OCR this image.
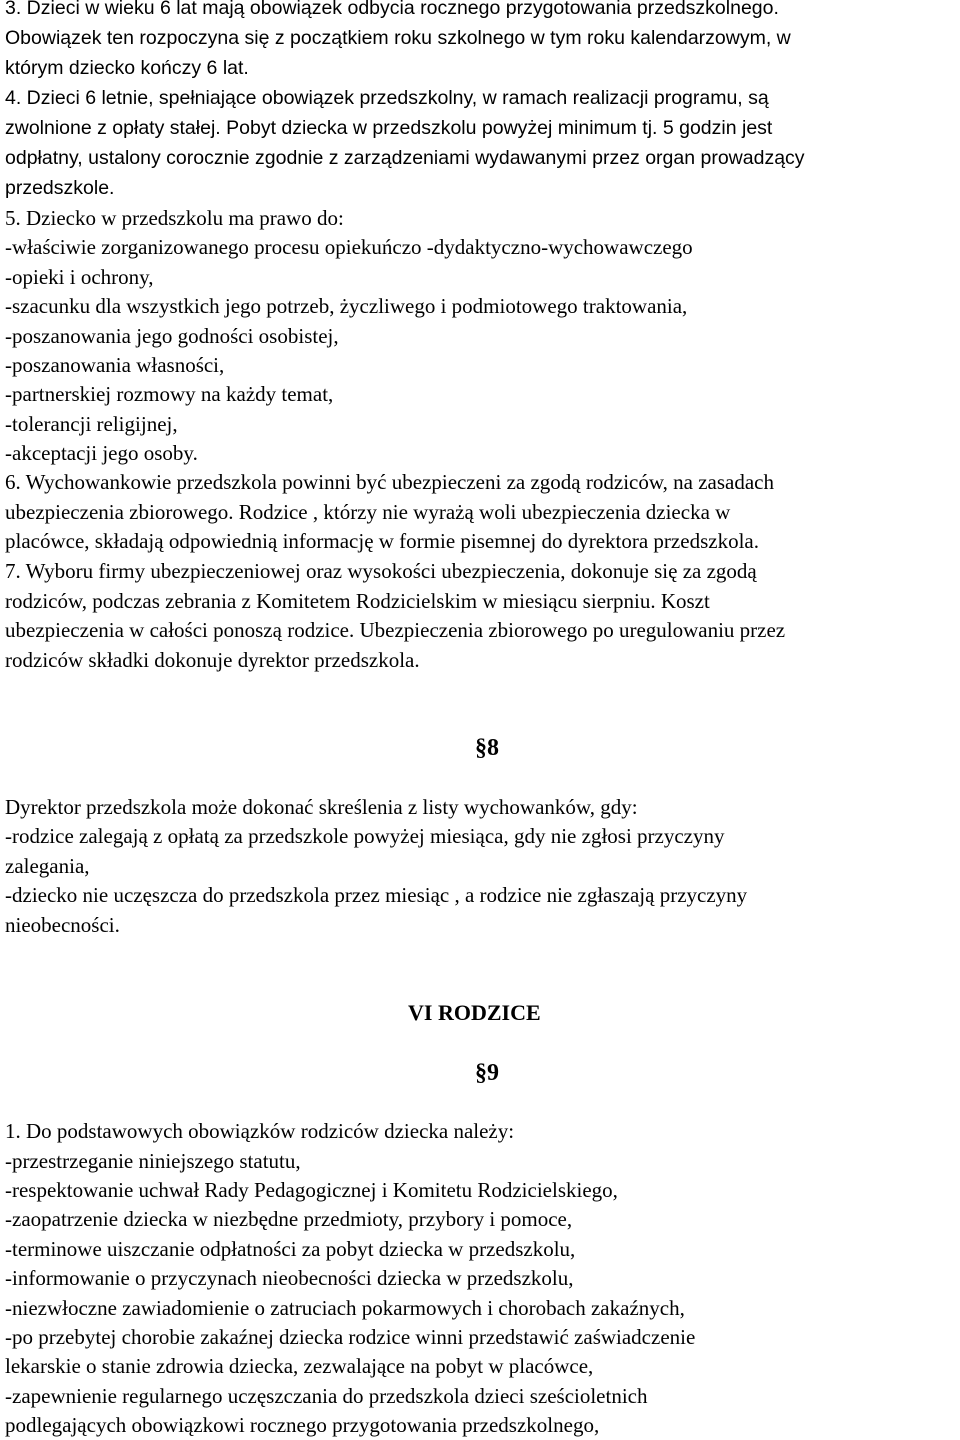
3. Dzieci w wieku 6 lat mają obowiązek odbycia rocznego przygotowania przedszkolnego.
Obowiązek ten rozpoczyna się z początkiem roku szkolnego w tym roku kalendarzowym, w
którym dziecko kończy 6 lat.
4. Dzieci 6 letnie, spełniające obowiązek przedszkolny, w ramach realizacji programu, są
zwolnione z opłaty stałej. Pobyt dziecka w przedszkolu powyżej minimum tj. 5 godzin jest
odpłatny, ustalony corocznie zgodnie z zarządzeniami wydawanymi przez organ prowadzący
przedszkole.
5. Dziecko w przedszkolu ma prawo do:
-właściwie zorganizowanego procesu opiekuńczo -dydaktyczno-wychowawczego
-opieki i ochrony,
-szacunku dla wszystkich jego potrzeb, życzliwego i podmiotowego traktowania,
-poszanowania jego godności osobistej,
-poszanowania własności,
-partnerskiej rozmowy na każdy temat,
-tolerancji religijnej,
-akceptacji jego osoby.
6. Wychowankowie przedszkola powinni być ubezpieczeni za zgodą rodziców, na zasadach
ubezpieczenia zbiorowego. Rodzice , którzy nie wyrażą woli ubezpieczenia dziecka w
placówce, składają odpowiednią informację w formie pisemnej do dyrektora przedszkola.
7. Wyboru firmy ubezpieczeniowej oraz wysokości ubezpieczenia, dokonuje się za zgodą
rodziców, podczas zebrania z Komitetem Rodzicielskim w miesiącu sierpniu. Koszt
ubezpieczenia w całości ponoszą rodzice. Ubezpieczenia zbiorowego po uregulowaniu przez
rodziców składki dokonuje dyrektor przedszkola.
§8
Dyrektor przedszkola może dokonać skreślenia z listy wychowanków, gdy:
-rodzice zalegają z opłatą za przedszkole powyżej miesiąca, gdy nie zgłosi przyczyny
zalegania,
-dziecko nie uczęszcza do przedszkola przez miesiąc , a rodzice nie zgłaszają przyczyny
nieobecności.
VI RODZICE
§9
1. Do podstawowych obowiązków rodziców dziecka należy:
-przestrzeganie niniejszego statutu,
-respektowanie uchwał Rady Pedagogicznej i Komitetu Rodzicielskiego,
-zaopatrzenie dziecka w niezbędne przedmioty, przybory i pomoce,
-terminowe uiszczanie odpłatności za pobyt dziecka w przedszkolu,
-informowanie o przyczynach nieobecności dziecka w przedszkolu,
-niezwłoczne zawiadomienie o zatruciach pokarmowych i chorobach zakaźnych,
-po przebytej chorobie zakaźnej dziecka rodzice winni przedstawić zaświadczenie
lekarskie o stanie zdrowia dziecka, zezwalające na pobyt w placówce,
-zapewnienie regularnego uczęszczania do przedszkola dzieci sześcioletnich
podlegających obowiązkowi rocznego przygotowania przedszkolnego,
